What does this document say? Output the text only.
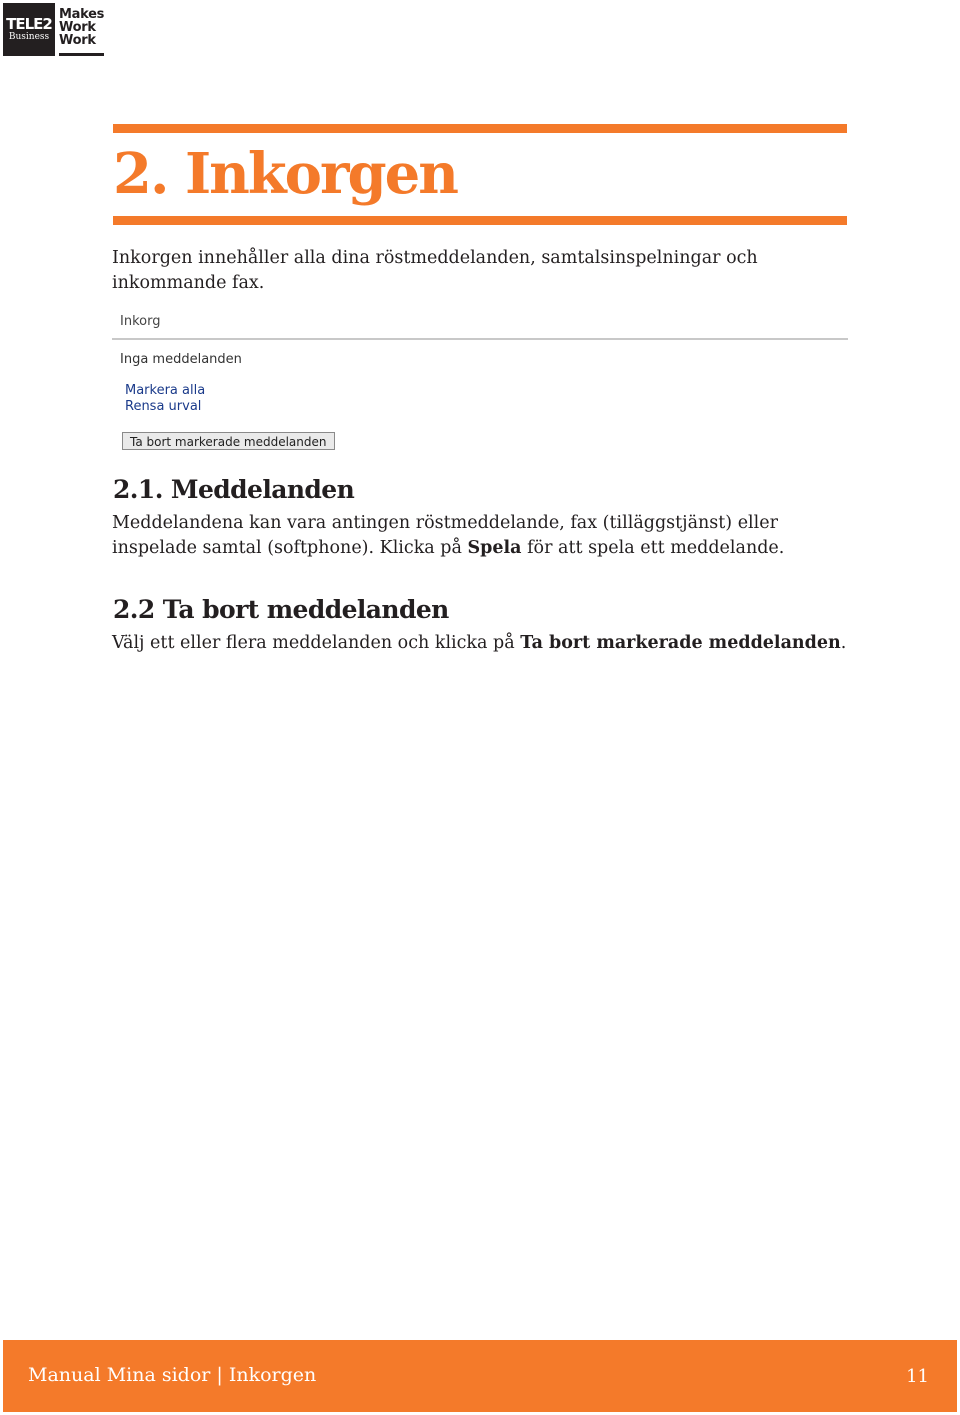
TELE2
Business
Makes
Work
Work
2. Inkorgen

Inkorgen innehåller alla dina röstmeddelanden, samtalsinspelningar och inkommande fax.

Inkorg
Inga meddelanden
Markera alla
Rensa urval
Ta bort markerade meddelanden
2.1. Meddelanden

Meddelandena kan vara antingen röstmeddelande, fax (tilläggstjänst) eller inspelade samtal (softphone). Klicka på Spela för att spela ett meddelande.

2.2 Ta bort meddelanden

Välj ett eller flera meddelanden och klicka på Ta bort markerade meddelanden.

Manual Mina sidor | Inkorgen	11
